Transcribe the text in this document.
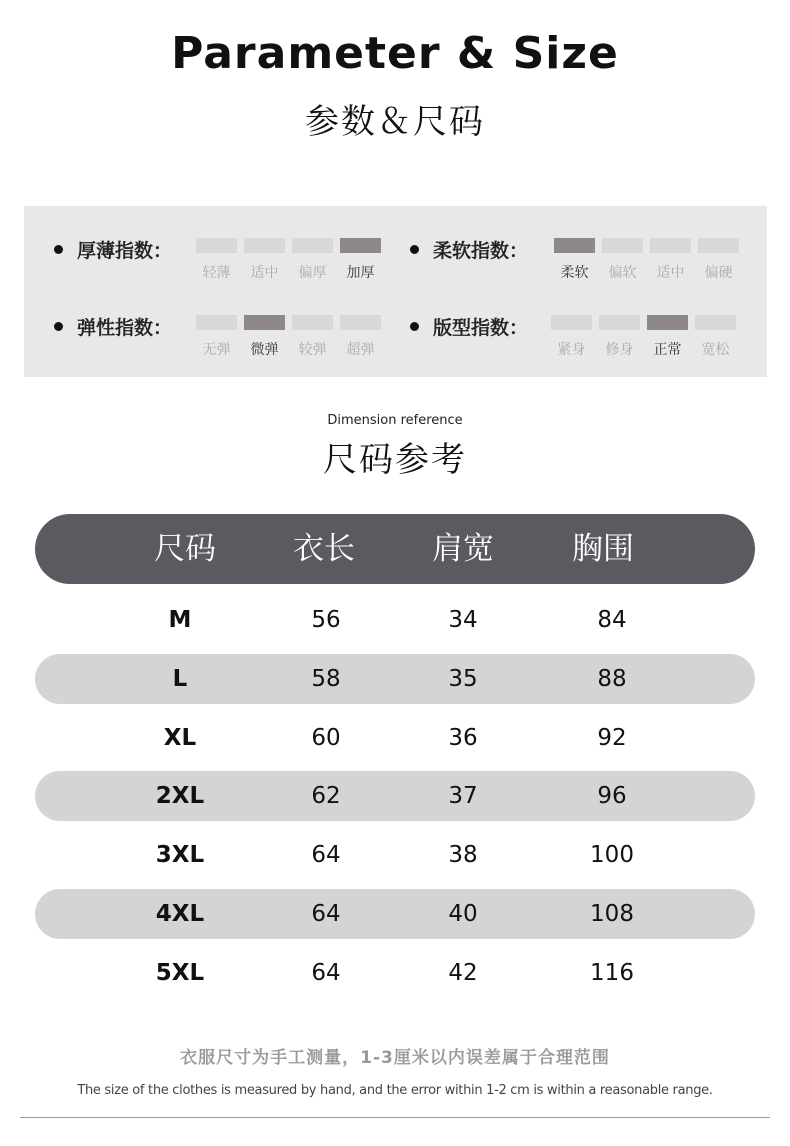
Parameter & Size
参数＆尺码
厚薄指数：
轻薄	适中	偏厚	加厚
柔软指数：
柔软	偏软	适中	偏硬
弹性指数：
无弹	微弹	较弹	超弹
版型指数：
紧身	修身	正常	宽松
Dimension reference
尺码参考
尺码	衣长	肩宽	胸围
M	56	34	84
L	58	35	88
XL	60	36	92
2XL	62	37	96
3XL	64	38	100
4XL	64	40	108
5XL	64	42	116
衣服尺寸为手工测量，1-3厘米以内误差属于合理范围
The size of the clothes is measured by hand, and the error within 1-2 cm is within a reasonable range.
